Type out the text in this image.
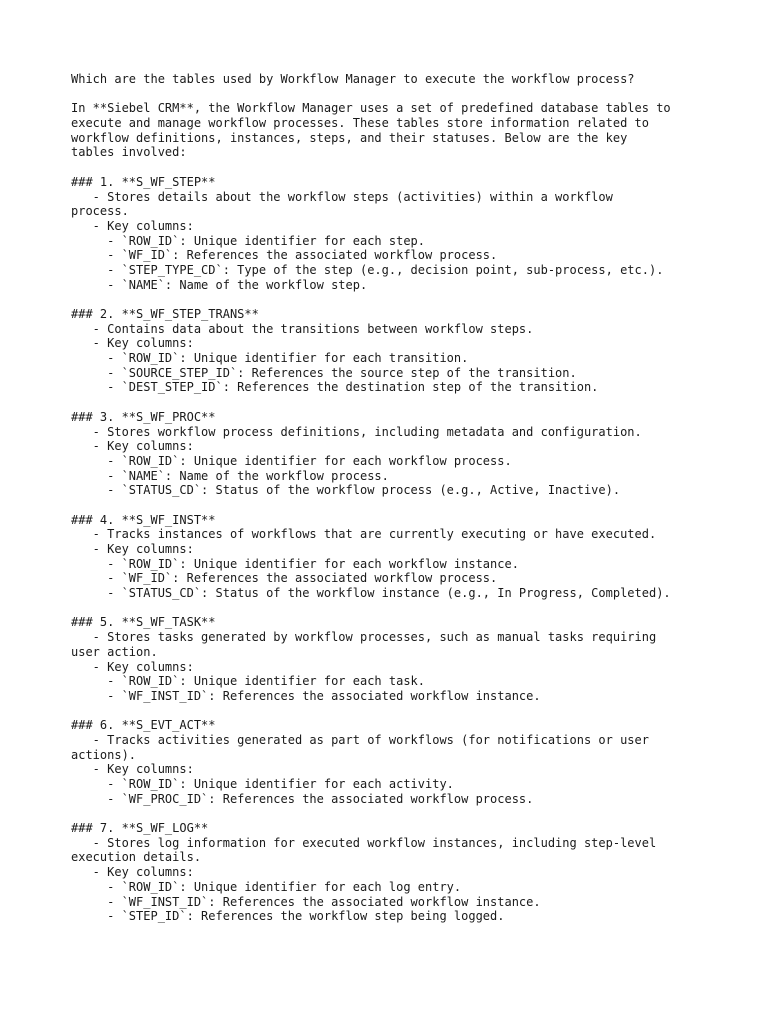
Which are the tables used by Workflow Manager to execute the workflow process?
In **Siebel CRM**, the Workflow Manager uses a set of predefined database tables to
execute and manage workflow processes. These tables store information related to
workflow definitions, instances, steps, and their statuses. Below are the key
tables involved:
### 1. **S_WF_STEP**
- Stores details about the workflow steps (activities) within a workflow
process.
- Key columns:
- `ROW_ID`: Unique identifier for each step.
- `WF_ID`: References the associated workflow process.
- `STEP_TYPE_CD`: Type of the step (e.g., decision point, sub-process, etc.).
- `NAME`: Name of the workflow step.
### 2. **S_WF_STEP_TRANS**
- Contains data about the transitions between workflow steps.
- Key columns:
- `ROW_ID`: Unique identifier for each transition.
- `SOURCE_STEP_ID`: References the source step of the transition.
- `DEST_STEP_ID`: References the destination step of the transition.
### 3. **S_WF_PROC**
- Stores workflow process definitions, including metadata and configuration.
- Key columns:
- `ROW_ID`: Unique identifier for each workflow process.
- `NAME`: Name of the workflow process.
- `STATUS_CD`: Status of the workflow process (e.g., Active, Inactive).
### 4. **S_WF_INST**
- Tracks instances of workflows that are currently executing or have executed.
- Key columns:
- `ROW_ID`: Unique identifier for each workflow instance.
- `WF_ID`: References the associated workflow process.
- `STATUS_CD`: Status of the workflow instance (e.g., In Progress, Completed).
### 5. **S_WF_TASK**
- Stores tasks generated by workflow processes, such as manual tasks requiring
user action.
- Key columns:
- `ROW_ID`: Unique identifier for each task.
- `WF_INST_ID`: References the associated workflow instance.
### 6. **S_EVT_ACT**
- Tracks activities generated as part of workflows (for notifications or user
actions).
- Key columns:
- `ROW_ID`: Unique identifier for each activity.
- `WF_PROC_ID`: References the associated workflow process.
### 7. **S_WF_LOG**
- Stores log information for executed workflow instances, including step-level
execution details.
- Key columns:
- `ROW_ID`: Unique identifier for each log entry.
- `WF_INST_ID`: References the associated workflow instance.
- `STEP_ID`: References the workflow step being logged.
